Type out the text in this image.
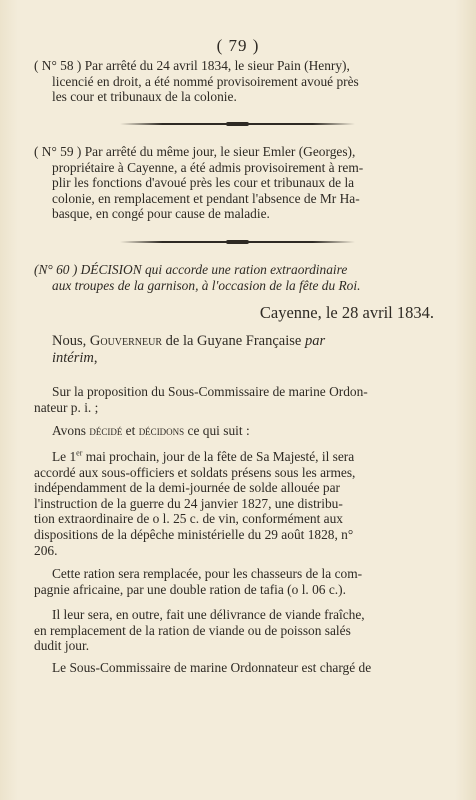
( 79 )
( N° 58 ) Par arrêté du 24 avril 1834, le sieur Pain (Henry),
licencié en droit, a été nommé provisoirement avoué près
les cour et tribunaux de la colonie.
( N° 59 ) Par arrêté du même jour, le sieur Emler (Georges),
propriétaire à Cayenne, a été admis provisoirement à rem-
plir les fonctions d'avoué près les cour et tribunaux de la
colonie, en remplacement et pendant l'absence de Mr Ha-
basque, en congé pour cause de maladie.
(N° 60 ) DÉCISION qui accorde une ration extraordinaire
aux troupes de la garnison, à l'occasion de la fête du Roi.
Cayenne, le 28 avril 1834.
Nous, Gouverneur de la Guyane Française par
intérim,
Sur la proposition du Sous-Commissaire de marine Ordon-
nateur p. i. ;
Avons décidé et décidons ce qui suit :
Le 1er mai prochain, jour de la fête de Sa Majesté, il sera
accordé aux sous-officiers et soldats présens sous les armes,
indépendamment de la demi-journée de solde allouée par
l'instruction de la guerre du 24 janvier 1827, une distribu-
tion extraordinaire de o l. 25 c. de vin, conformément aux
dispositions de la dépêche ministérielle du 29 août 1828, n°
206.
Cette ration sera remplacée, pour les chasseurs de la com-
pagnie africaine, par une double ration de tafia (o l. 06 c.).
Il leur sera, en outre, fait une délivrance de viande fraîche,
en remplacement de la ration de viande ou de poisson salés
dudit jour.
Le Sous-Commissaire de marine Ordonnateur est chargé de
